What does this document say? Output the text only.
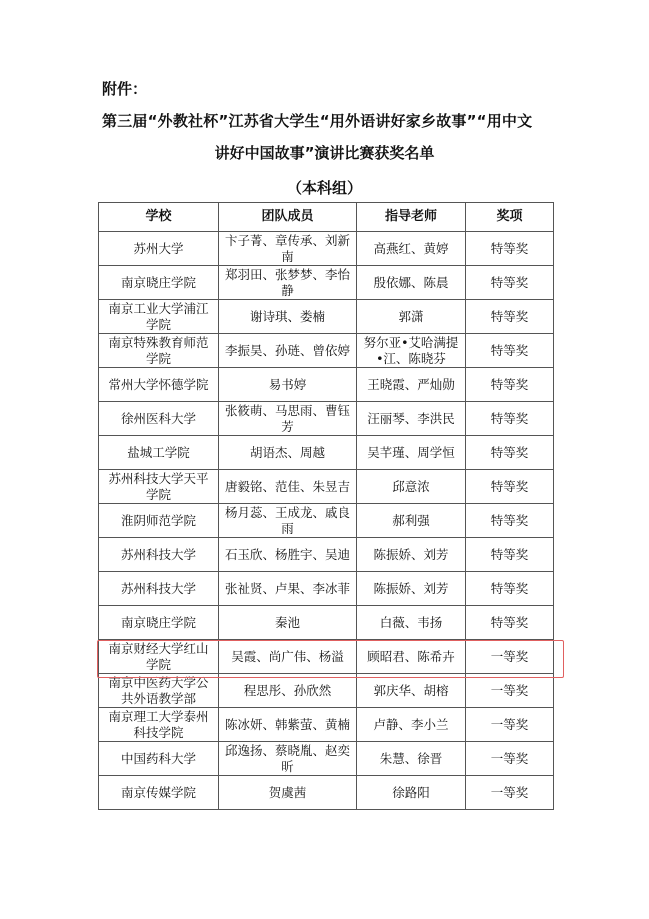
附件：
第三届“外教社杯”江苏省大学生“用外语讲好家乡故事”“用中文
讲好中国故事”演讲比赛获奖名单
（本科组）
学校	团队成员	指导老师	奖项
苏州大学	卞子菁、章传承、刘新南	高燕红、黄婷	特等奖
南京晓庄学院	郑羽田、张梦梦、李怡静	殷依娜、陈晨	特等奖
南京工业大学浦江学院	谢诗琪、娄楠	郭潇	特等奖
南京特殊教育师范学院	李振昊、孙琏、曾依婷	努尔亚•艾哈满提•江、陈晓芬	特等奖
常州大学怀德学院	易书婷	王晓霞、严灿勋	特等奖
徐州医科大学	张筱萌、马思雨、曹钰芳	汪丽琴、李洪民	特等奖
盐城工学院	胡语杰、周越	吴芊瑾、周学恒	特等奖
苏州科技大学天平学院	唐毅铭、范佳、朱昱吉	邱意浓	特等奖
淮阴师范学院	杨月蕊、王成龙、戚良雨	郝利强	特等奖
苏州科技大学	石玉欣、杨胜宇、吴迪	陈振娇、刘芳	特等奖
苏州科技大学	张祉贤、卢果、李冰菲	陈振娇、刘芳	特等奖
南京晓庄学院	秦池	白薇、韦扬	特等奖
南京财经大学红山学院	吴霞、尚广伟、杨溢	顾昭君、陈希卉	一等奖
南京中医药大学公共外语教学部	程思彤、孙欣然	郭庆华、胡榕	一等奖
南京理工大学泰州科技学院	陈冰妍、韩紫萤、黄楠	卢静、李小兰	一等奖
中国药科大学	邱逸扬、蔡晓胤、赵奕昕	朱慧、徐晋	一等奖
南京传媒学院	贺虞茜	徐路阳	一等奖
